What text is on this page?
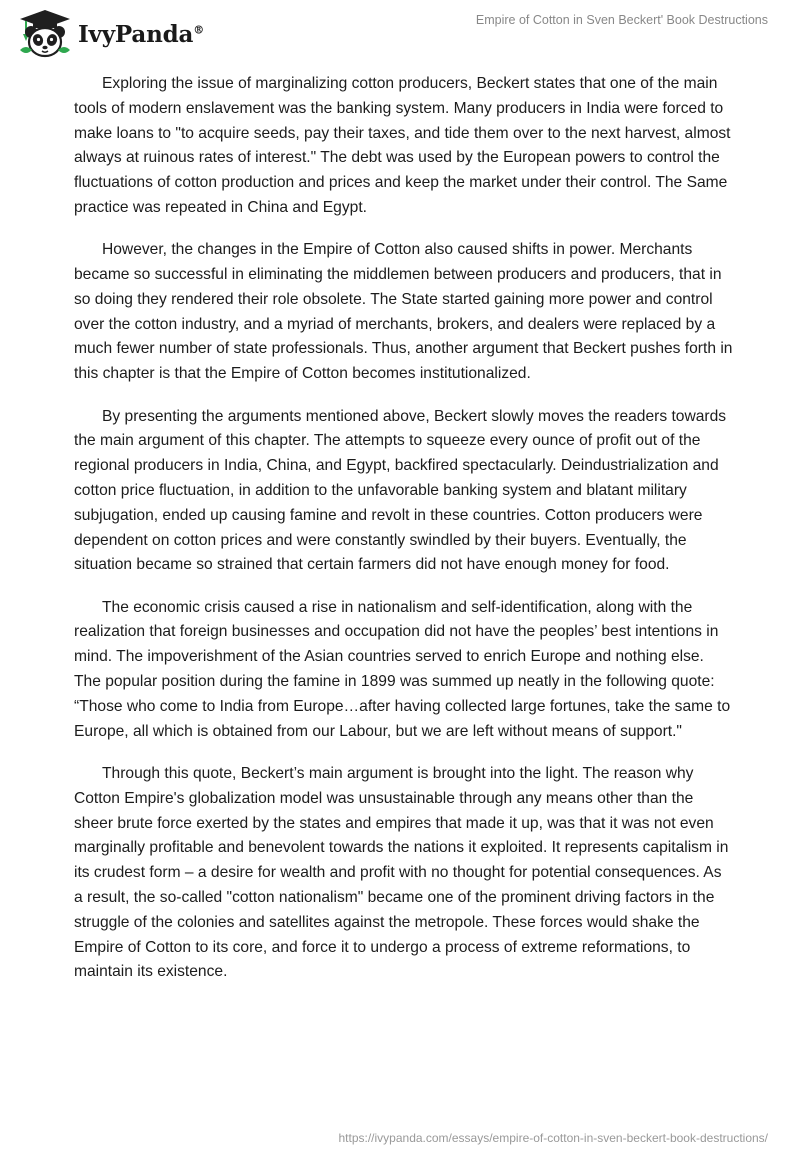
IvyPanda®
Empire of Cotton in Sven Beckert' Book Destructions

Exploring the issue of marginalizing cotton producers, Beckert states that one of the main tools of modern enslavement was the banking system. Many producers in India were forced to make loans to "to acquire seeds, pay their taxes, and tide them over to the next harvest, almost always at ruinous rates of interest." The debt was used by the European powers to control the fluctuations of cotton production and prices and keep the market under their control. The Same practice was repeated in China and Egypt.

However, the changes in the Empire of Cotton also caused shifts in power. Merchants became so successful in eliminating the middlemen between producers and producers, that in so doing they rendered their role obsolete. The State started gaining more power and control over the cotton industry, and a myriad of merchants, brokers, and dealers were replaced by a much fewer number of state professionals. Thus, another argument that Beckert pushes forth in this chapter is that the Empire of Cotton becomes institutionalized.

By presenting the arguments mentioned above, Beckert slowly moves the readers towards the main argument of this chapter. The attempts to squeeze every ounce of profit out of the regional producers in India, China, and Egypt, backfired spectacularly. Deindustrialization and cotton price fluctuation, in addition to the unfavorable banking system and blatant military subjugation, ended up causing famine and revolt in these countries. Cotton producers were dependent on cotton prices and were constantly swindled by their buyers. Eventually, the situation became so strained that certain farmers did not have enough money for food.

The economic crisis caused a rise in nationalism and self-identification, along with the realization that foreign businesses and occupation did not have the peoples’ best intentions in mind. The impoverishment of the Asian countries served to enrich Europe and nothing else. The popular position during the famine in 1899 was summed up neatly in the following quote: “Those who come to India from Europe…after having collected large fortunes, take the same to Europe, all which is obtained from our Labour, but we are left without means of support."

Through this quote, Beckert’s main argument is brought into the light. The reason why Cotton Empire's globalization model was unsustainable through any means other than the sheer brute force exerted by the states and empires that made it up, was that it was not even marginally profitable and benevolent towards the nations it exploited. It represents capitalism in its crudest form – a desire for wealth and profit with no thought for potential consequences. As a result, the so-called "cotton nationalism" became one of the prominent driving factors in the struggle of the colonies and satellites against the metropole. These forces would shake the Empire of Cotton to its core, and force it to undergo a process of extreme reformations, to maintain its existence.

https://ivypanda.com/essays/empire-of-cotton-in-sven-beckert-book-destructions/
